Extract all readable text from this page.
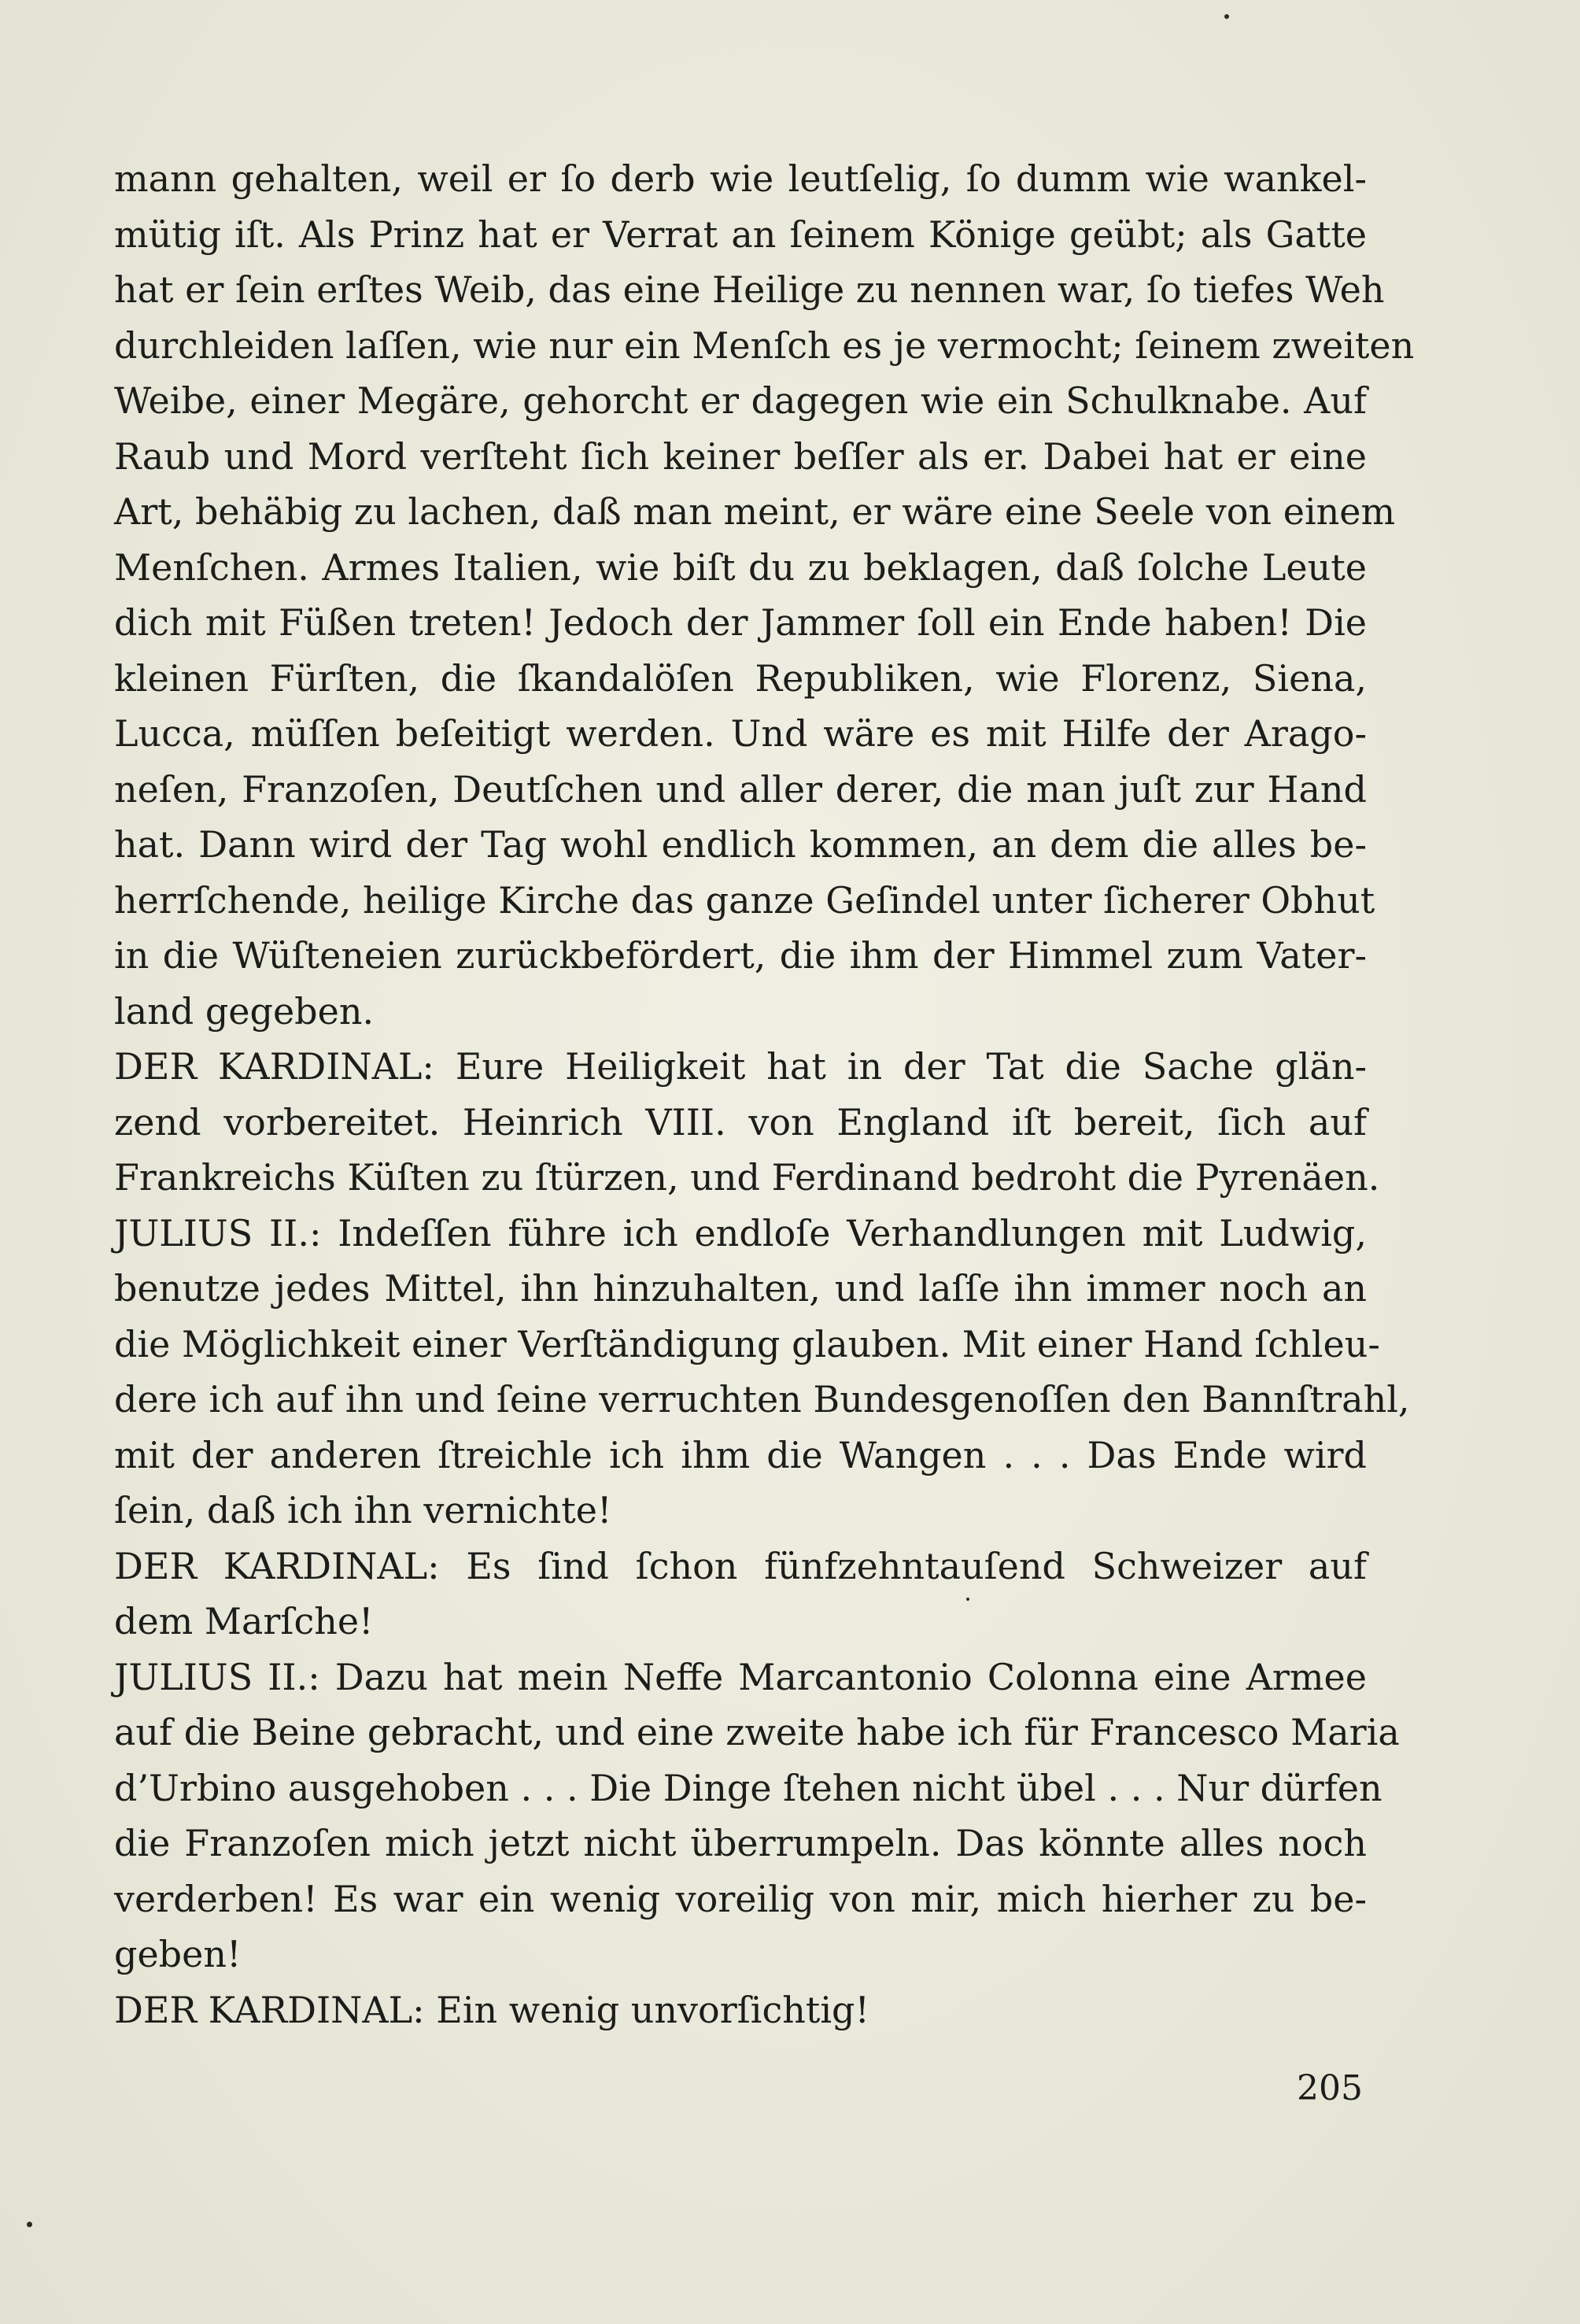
mann gehalten, weil er ſo derb wie leutſelig, ſo dumm wie wankel-
mütig iſt. Als Prinz hat er Verrat an ſeinem Könige geübt; als Gatte
hat er ſein erſtes Weib, das eine Heilige zu nennen war, ſo tiefes Weh
durchleiden laſſen, wie nur ein Menſch es je vermocht; ſeinem zweiten
Weibe, einer Megäre, gehorcht er dagegen wie ein Schulknabe. Auf
Raub und Mord verſteht ſich keiner beſſer als er. Dabei hat er eine
Art, behäbig zu lachen, daß man meint, er wäre eine Seele von einem
Menſchen. Armes Italien, wie biſt du zu beklagen, daß ſolche Leute
dich mit Füßen treten! Jedoch der Jammer ſoll ein Ende haben! Die
kleinen Fürſten, die ſkandalöſen Republiken, wie Florenz, Siena,
Lucca, müſſen beſeitigt werden. Und wäre es mit Hilfe der Arago-
neſen, Franzoſen, Deutſchen und aller derer, die man juſt zur Hand
hat. Dann wird der Tag wohl endlich kommen, an dem die alles be-
herrſchende, heilige Kirche das ganze Geſindel unter ſicherer Obhut
in die Wüſteneien zurückbefördert, die ihm der Himmel zum Vater-
land gegeben.
DER KARDINAL: Eure Heiligkeit hat in der Tat die Sache glän-
zend vorbereitet. Heinrich VIII. von England iſt bereit, ſich auf
Frankreichs Küſten zu ſtürzen, und Ferdinand bedroht die Pyrenäen.
JULIUS II.: Indeſſen führe ich endloſe Verhandlungen mit Ludwig,
benutze jedes Mittel, ihn hinzuhalten, und laſſe ihn immer noch an
die Möglichkeit einer Verſtändigung glauben. Mit einer Hand ſchleu-
dere ich auf ihn und ſeine verruchten Bundesgenoſſen den Bannſtrahl,
mit der anderen ſtreichle ich ihm die Wangen . . . Das Ende wird
ſein, daß ich ihn vernichte!
DER KARDINAL: Es ſind ſchon fünfzehntauſend Schweizer auf
dem Marſche!
JULIUS II.: Dazu hat mein Neffe Marcantonio Colonna eine Armee
auf die Beine gebracht, und eine zweite habe ich für Francesco Maria
d’Urbino ausgehoben . . . Die Dinge ſtehen nicht übel . . . Nur dürfen
die Franzoſen mich jetzt nicht überrumpeln. Das könnte alles noch
verderben! Es war ein wenig voreilig von mir, mich hierher zu be-
geben!
DER KARDINAL: Ein wenig unvorſichtig!
205
